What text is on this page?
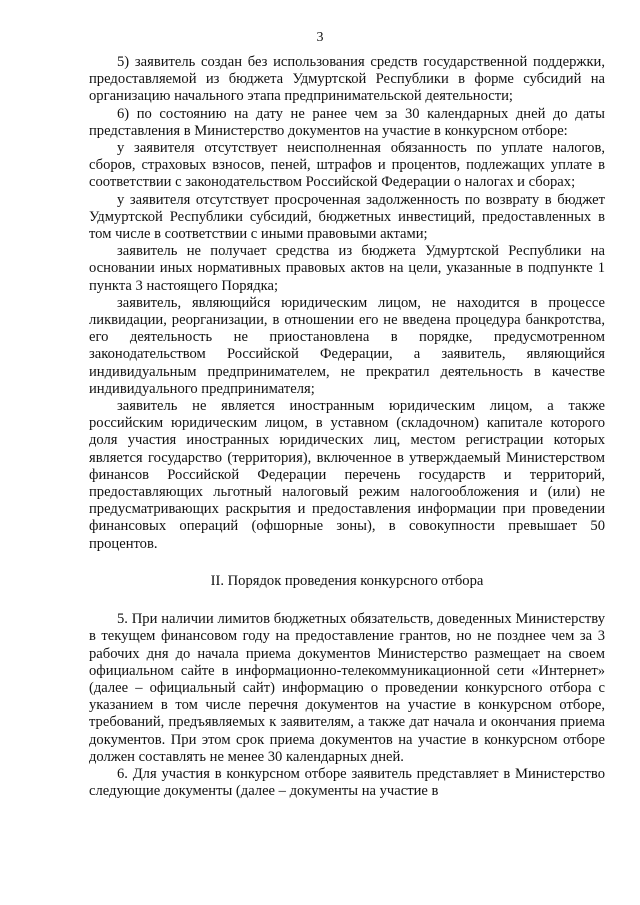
3

5) заявитель создан без использования средств государственной поддержки, предоставляемой из бюджета Удмуртской Республики в форме субсидий на организацию начального этапа предпринимательской деятельности;

6) по состоянию на дату не ранее чем за 30 календарных дней до даты представления в Министерство документов на участие в конкурсном отборе:

у заявителя отсутствует неисполненная обязанность по уплате налогов, сборов, страховых взносов, пеней, штрафов и процентов, подлежащих уплате в соответствии с законодательством Российской Федерации о налогах и сборах;

у заявителя отсутствует просроченная задолженность по возврату в бюджет Удмуртской Республики субсидий, бюджетных инвестиций, предоставленных в том числе в соответствии с иными правовыми актами;

заявитель не получает средства из бюджета Удмуртской Республики на основании иных нормативных правовых актов на цели, указанные в подпункте 1 пункта 3 настоящего Порядка;

заявитель, являющийся юридическим лицом, не находится в процессе ликвидации, реорганизации, в отношении его не введена процедура банкротства, его деятельность не приостановлена в порядке, предусмотренном законодательством Российской Федерации, а заявитель, являющийся индивидуальным предпринимателем, не прекратил деятельность в качестве индивидуального предпринимателя;

заявитель не является иностранным юридическим лицом, а также российским юридическим лицом, в уставном (складочном) капитале которого доля участия иностранных юридических лиц, местом регистрации которых является государство (территория), включенное в утверждаемый Министерством финансов Российской Федерации перечень государств и территорий, предоставляющих льготный налоговый режим налогообложения и (или) не предусматривающих раскрытия и предоставления информации при проведении финансовых операций (офшорные зоны), в совокупности превышает 50 процентов.

II. Порядок проведения конкурсного отбора

5. При наличии лимитов бюджетных обязательств, доведенных Министерству в текущем финансовом году на предоставление грантов, но не позднее чем за 3 рабочих дня до начала приема документов Министерство размещает на своем официальном сайте в информационно-телекоммуникационной сети «Интернет» (далее – официальный сайт) информацию о проведении конкурсного отбора с указанием в том числе перечня документов на участие в конкурсном отборе, требований, предъявляемых к заявителям, а также дат начала и окончания приема документов. При этом срок приема документов на участие в конкурсном отборе должен составлять не менее 30 календарных дней.

6. Для участия в конкурсном отборе заявитель представляет в Министерство следующие документы (далее – документы на участие в
